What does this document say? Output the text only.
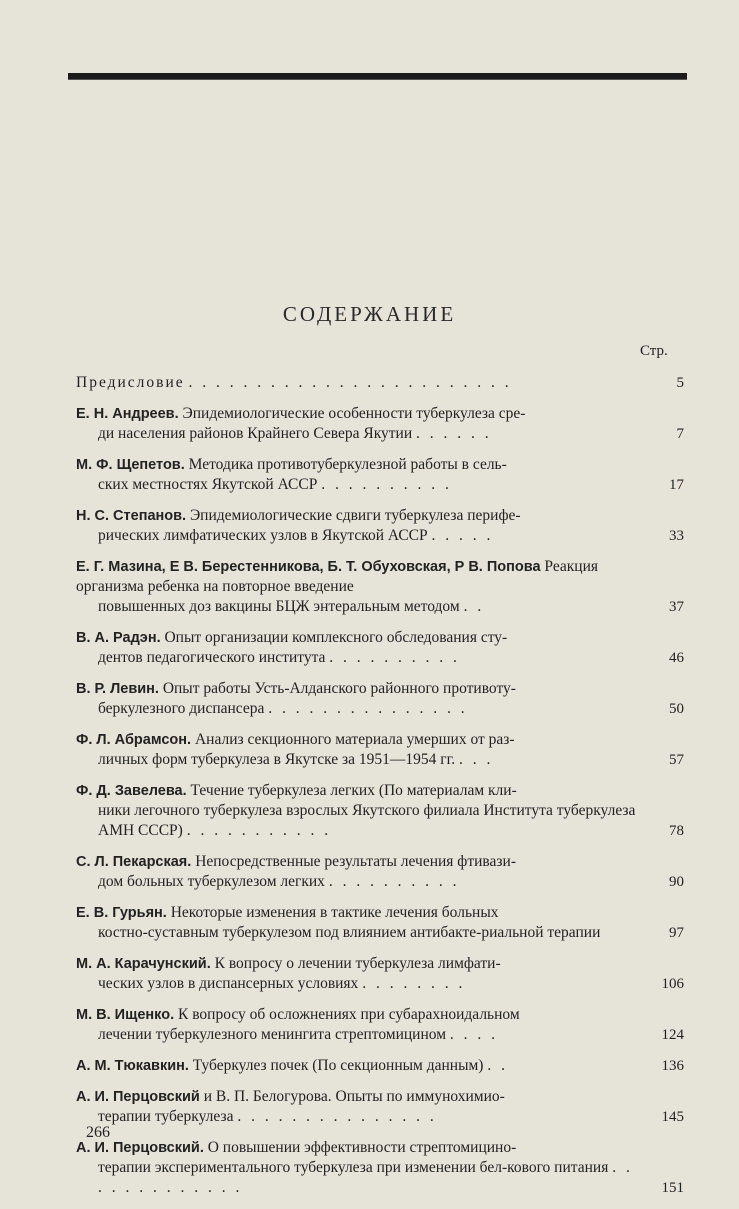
СОДЕРЖАНИЕ
Стр.
Предисловие . . . . . . . . . . . . . . . . . . . . . . . .	5
Е. Н. Андреев. Эпидемиологические особенности туберкулеза сре-
ди населения районов Крайнего Севера Якутии . . . . . .	7
М. Ф. Щепетов. Методика противотуберкулезной работы в сель-
ских местностях Якутской АССР . . . . . . . . . .	17
Н. С. Степанов. Эпидемиологические сдвиги туберкулеза перифе-
рических лимфатических узлов в Якутской АССР . . . . .	33
Е. Г. Мазина, Е В. Берестенникова, Б. Т. Обуховская, Р В. Попова Реакция организма ребенка на повторное введение
повышенных доз вакцины БЦЖ энтеральным методом . .	37
В. А. Радэн. Опыт организации комплексного обследования сту-
дентов педагогического института . . . . . . . . . .	46
В. Р. Левин. Опыт работы Усть-Алданского районного противоту-
беркулезного диспансера . . . . . . . . . . . . . . .	50
Ф. Л. Абрамсон. Анализ секционного материала умерших от раз-
личных форм туберкулеза в Якутске за 1951—1954 гг. . . .	57
Ф. Д. Завелева. Течение туберкулеза легких (По материалам кли-
ники легочного туберкулеза взрослых Якутского филиала Института туберкулеза АМН СССР) . . . . . . . . . . .	78
С. Л. Пекарская. Непосредственные результаты лечения фтивази-
дом больных туберкулезом легких . . . . . . . . . .	90
Е. В. Гурьян. Некоторые изменения в тактике лечения больных
костно-суставным туберкулезом под влиянием антибакте-риальной терапии	97
М. А. Карачунский. К вопросу о лечении туберкулеза лимфати-
ческих узлов в диспансерных условиях . . . . . . . .	106
М. В. Ищенко. К вопросу об осложнениях при субарахноидальном
лечении туберкулезного менингита стрептомицином . . . .	124
А. М. Тюкавкин. Туберкулез почек (По секционным данным) . .	136
А. И. Перцовский и В. П. Белогурова. Опыты по иммунохимио-
терапии туберкулеза . . . . . . . . . . . . . . .	145
А. И. Перцовский. О повышении эффективности стрептомицино-
терапии экспериментального туберкулеза при изменении бел-кового питания . . . . . . . . . . . . .	151
266
